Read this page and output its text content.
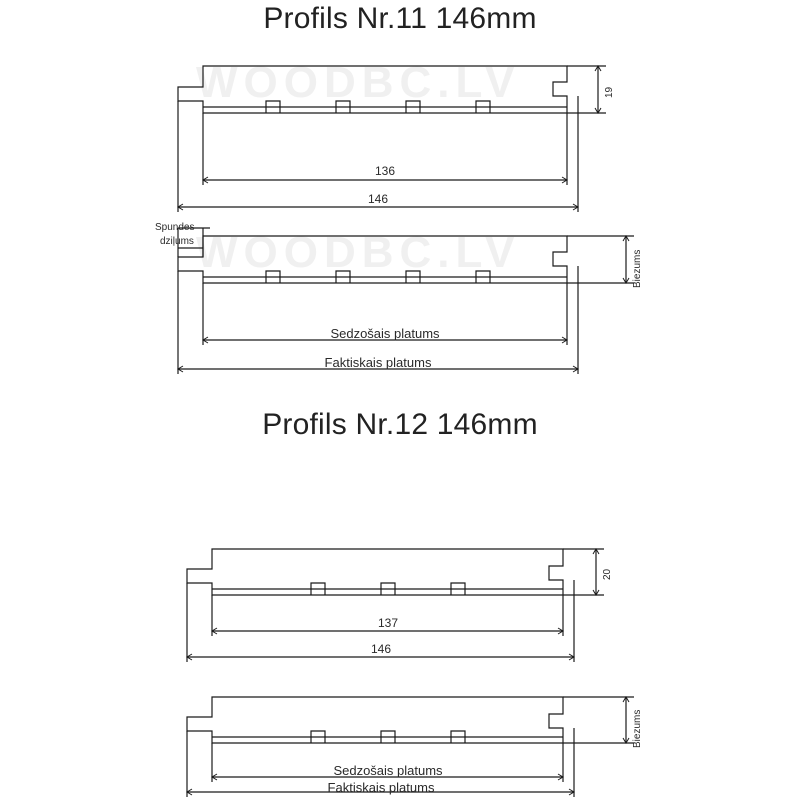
Profils Nr.11 146mm
Profils Nr.12 146mm
WOODBC.LV
WOODBC.LV
19
136
146
Spundes
dziļums
Biezums
Sedzošais platums
Faktiskais platums
20
137
146
Biezums
Sedzošais platums
Faktiskais platums
